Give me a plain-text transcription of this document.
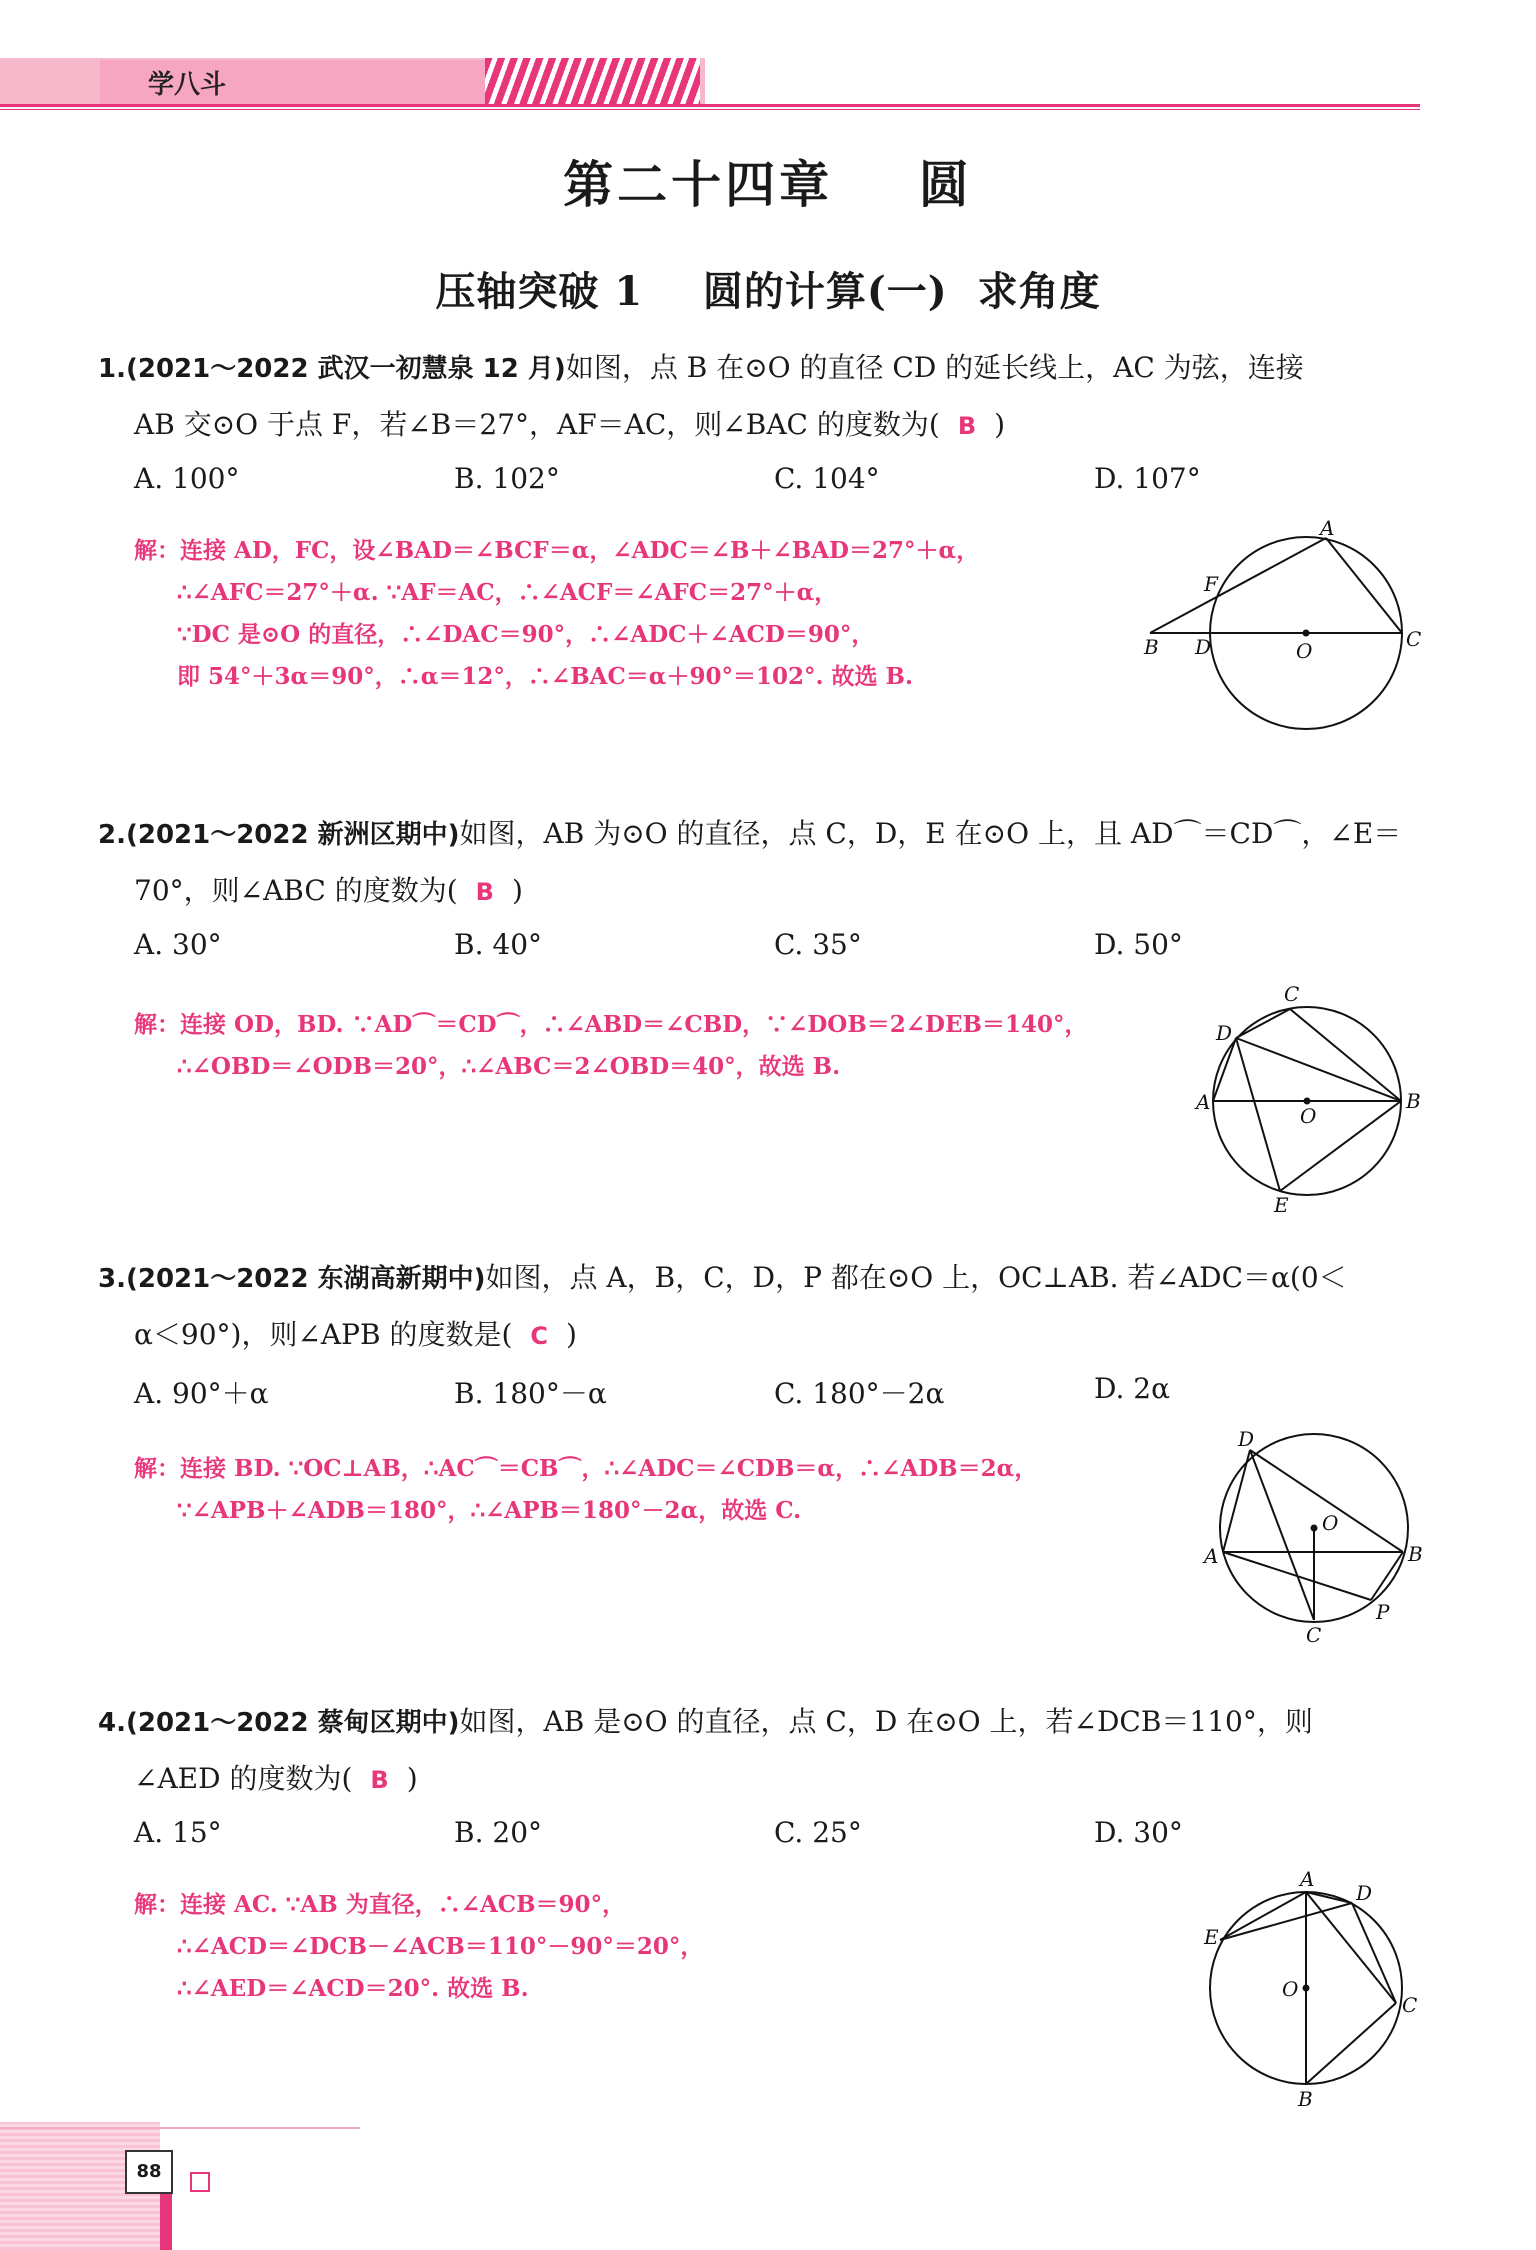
学八斗
第二十四章    圆
压轴突破 1    圆的计算(一)  求角度
1.(2021～2022 武汉一初慧泉 12 月)如图，点 B 在⊙O 的直径 CD 的延长线上，AC 为弦，连接
AB 交⊙O 于点 F，若∠B＝27°，AF＝AC，则∠BAC 的度数为( B )
A. 100°	B. 102°	C. 104°	D. 107°
解：连接 AD，FC，设∠BAD＝∠BCF＝α，∠ADC＝∠B＋∠BAD＝27°＋α，
∴∠AFC＝27°＋α. ∵AF＝AC，∴∠ACF＝∠AFC＝27°＋α，
∵DC 是⊙O 的直径，∴∠DAC＝90°，∴∠ADC＋∠ACD＝90°，
即 54°＋3α＝90°，∴α＝12°，∴∠BAC＝α＋90°＝102°. 故选 B.
A
F
B D	O	C
2.(2021～2022 新洲区期中)如图，AB 为⊙O 的直径，点 C，D，E 在⊙O 上，且 AD⌒＝CD⌒，∠E＝
70°，则∠ABC 的度数为( B )
A. 30°	B. 40°	C. 35°	D. 50°
解：连接 OD，BD. ∵AD⌒＝CD⌒，∴∠ABD＝∠CBD，∵∠DOB＝2∠DEB＝140°，
∴∠OBD＝∠ODB＝20°，∴∠ABC＝2∠OBD＝40°，故选 B.
C
D
A
O
B
E
3.(2021～2022 东湖高新期中)如图，点 A，B，C，D，P 都在⊙O 上，OC⊥AB. 若∠ADC＝α(0＜
α＜90°)，则∠APB 的度数是( C )
A. 90°＋α	B. 180°－α	C. 180°－2α	D. 2α
解：连接 BD. ∵OC⊥AB，∴AC⌒＝CB⌒，∴∠ADC＝∠CDB＝α，∴∠ADB＝2α，
∵∠APB＋∠ADB＝180°，∴∠APB＝180°－2α，故选 C.
D
O
A	B
P
C
4.(2021～2022 蔡甸区期中)如图，AB 是⊙O 的直径，点 C，D 在⊙O 上，若∠DCB＝110°，则
∠AED 的度数为( B )
A. 15°	B. 20°	C. 25°	D. 30°
解：连接 AC. ∵AB 为直径，∴∠ACB＝90°，
∴∠ACD＝∠DCB－∠ACB＝110°－90°＝20°，
∴∠AED＝∠ACD＝20°. 故选 B.
A
D
E
O
C
B
88
